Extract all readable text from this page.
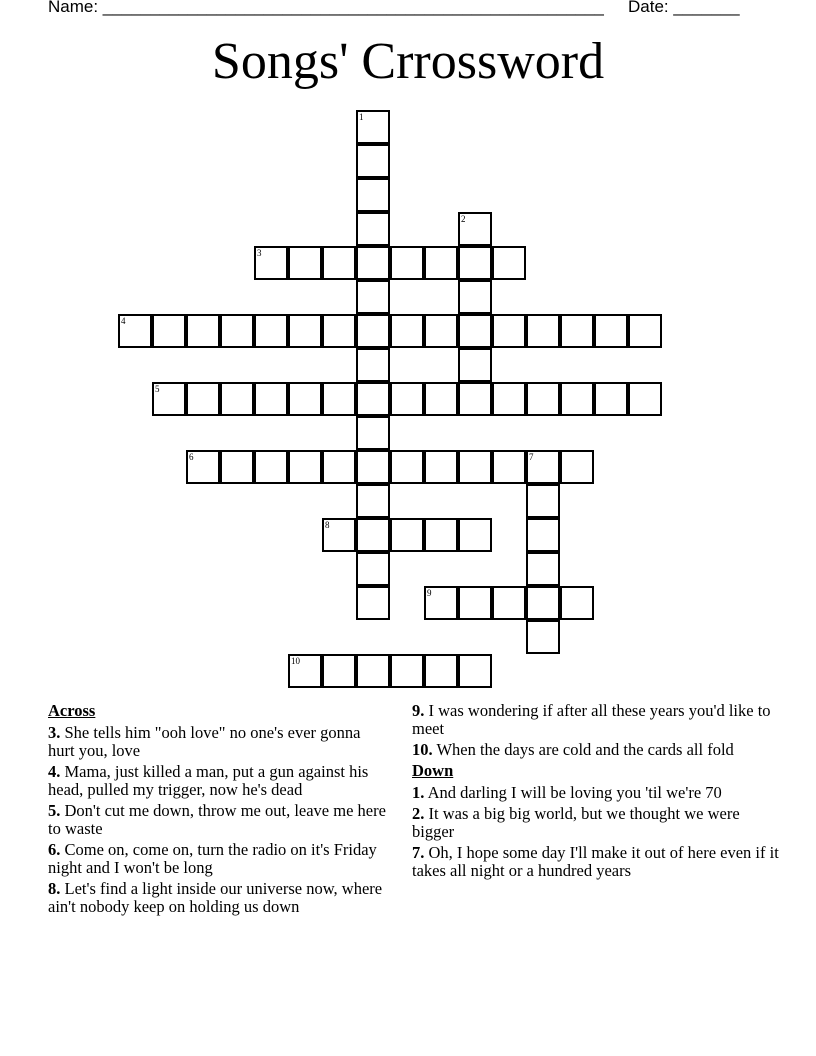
Name: _____________________________________________________ Date: _______
Songs' Crrossword
1
2
3
4
5
6	7
8
9
10
Across
3. She tells him "ooh love" no one's ever gonna hurt you, love
4. Mama, just killed a man, put a gun against his head, pulled my trigger, now he's dead
5. Don't cut me down, throw me out, leave me here to waste
6. Come on, come on, turn the radio on it's Friday night and I won't be long
8. Let's find a light inside our universe now, where ain't nobody keep on holding us down
9. I was wondering if after all these years you'd like to meet
10. When the days are cold and the cards all fold
Down
1. And darling I will be loving you 'til we're 70
2. It was a big big world, but we thought we were bigger
7. Oh, I hope some day I'll make it out of here even if it takes all night or a hundred years
